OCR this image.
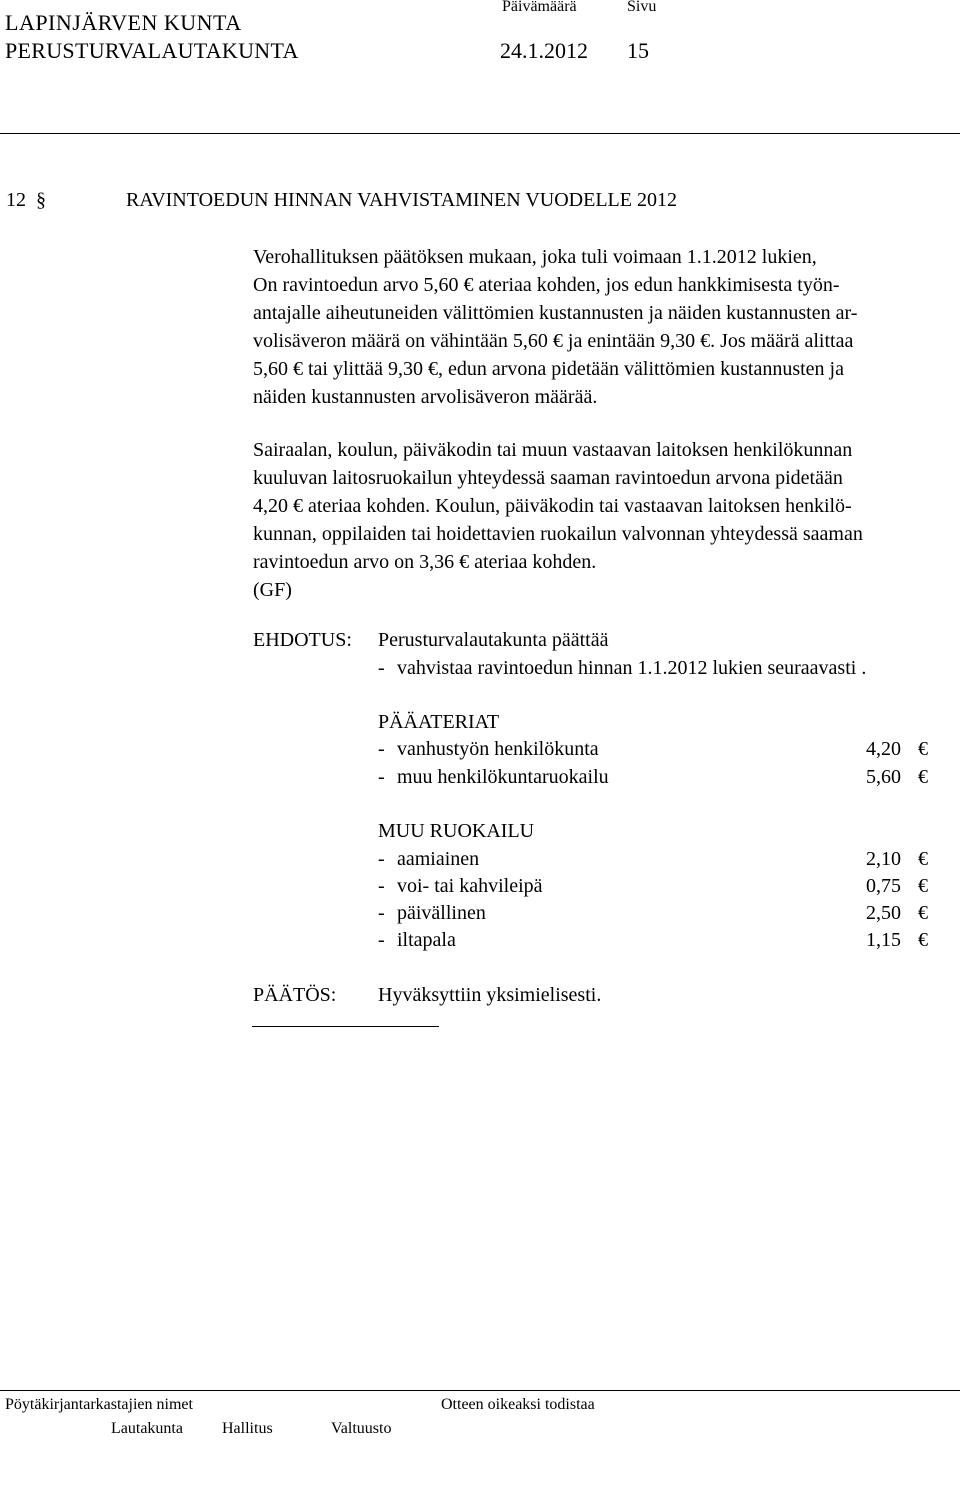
LAPINJÄRVEN KUNTA
Päivämäärä	Sivu
PERUSTURVALAUTAKUNTA	24.1.2012 15
12 §	RAVINTOEDUN HINNAN VAHVISTAMINEN VUODELLE 2012
Verohallituksen päätöksen mukaan, joka tuli voimaan 1.1.2012 lukien,
On ravintoedun arvo 5,60 € ateriaa kohden, jos edun hankkimisesta työn-
antajalle aiheutuneiden välittömien kustannusten ja näiden kustannusten ar-
volisäveron määrä on vähintään 5,60 € ja enintään 9,30 €. Jos määrä alittaa
5,60 € tai ylittää 9,30 €, edun arvona pidetään välittömien kustannusten ja
näiden kustannusten arvolisäveron määrää.
Sairaalan, koulun, päiväkodin tai muun vastaavan laitoksen henkilökunnan
kuuluvan laitosruokailun yhteydessä saaman ravintoedun arvona pidetään
4,20 € ateriaa kohden. Koulun, päiväkodin tai vastaavan laitoksen henkilö-
kunnan, oppilaiden tai hoidettavien ruokailun valvonnan yhteydessä saaman
ravintoedun arvo on 3,36 € ateriaa kohden.
(GF)
EHDOTUS: Perusturvalautakunta päättää
- vahvistaa ravintoedun hinnan 1.1.2012 lukien seuraavasti .
PÄÄATERIAT
- vanhustyön henkilökunta	4,20 €
- muu henkilökuntaruokailu	5,60 €
MUU RUOKAILU
- aamiainen	2,10 €
- voi- tai kahvileipä	0,75 €
- päivällinen	2,50 €
- iltapala	1,15 €
PÄÄTÖS: Hyväksyttiin yksimielisesti.
Pöytäkirjantarkastajien nimet	Otteen oikeaksi todistaa
Lautakunta Hallitus	Valtuusto
